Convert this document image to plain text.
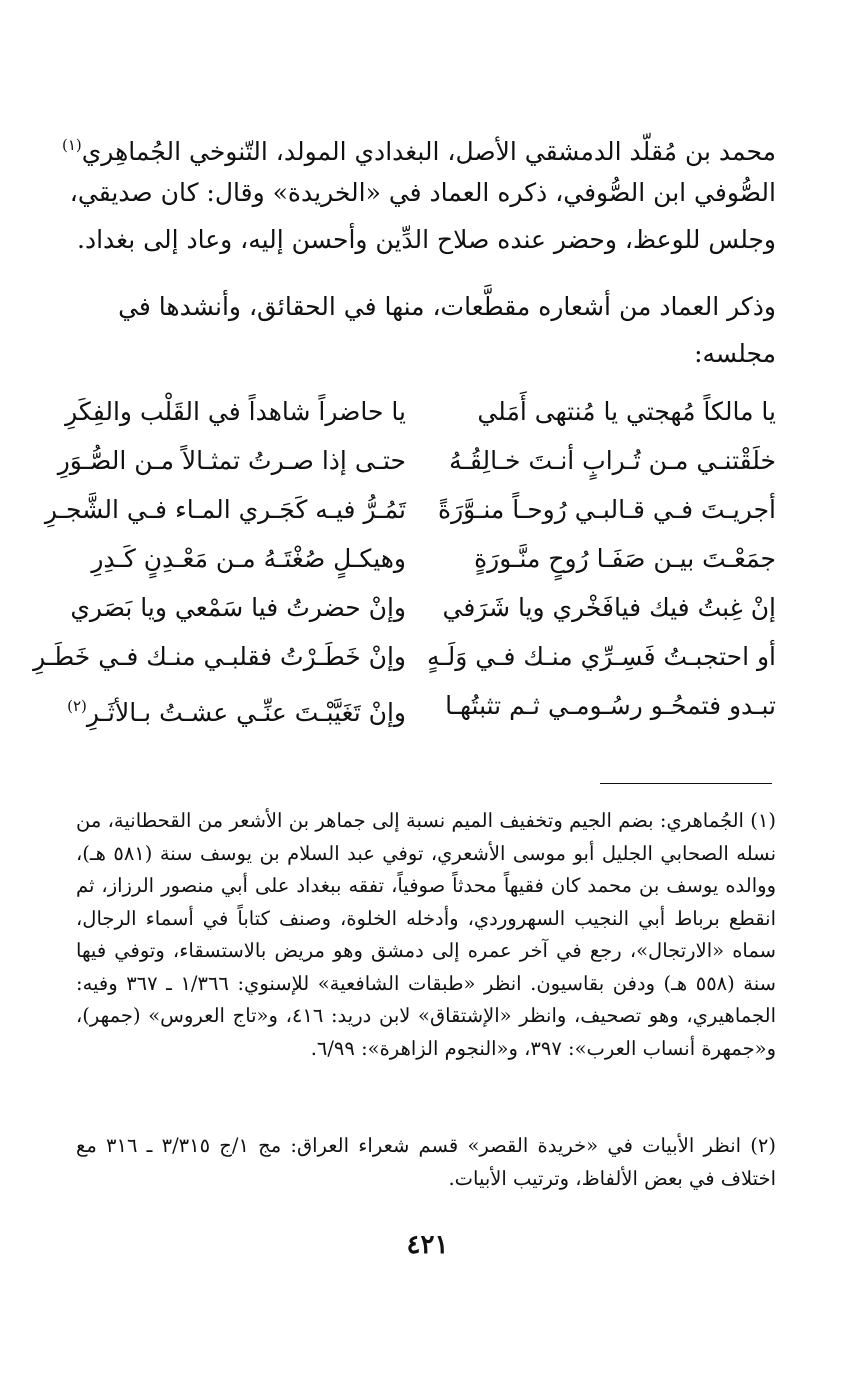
محمد بن مُقلّد الدمشقي الأصل، البغدادي المولد، التّنوخي الجُماهِري$^{(١)}$
الصُّوفي ابن الصُّوفي، ذكره العماد في «الخريدة» وقال: كان صديقي،
وجلس للوعظ، وحضر عنده صلاح الدِّين وأحسن إليه، وعاد إلى بغداد.
وذكر العماد من أشعاره مقطَّعات، منها في الحقائق، وأنشدها في
مجلسه:
يا مالكاً مُهجتي يا مُنتهى أَمَلي
يا حاضراً شاهداً في القَلْب والفِكَرِ
خلَقْتنـي مـن تُـرابٍ أنـتَ خـالِقُـهُ
حتـى إذا صـرتُ تمثـالاً مـن الصُّـوَرِ
أجريـتَ فـي قـالبـي رُوحـاً منـوَّرَةً
تَمُـرُّ فيـه كَجَـري المـاء فـي الشَّجـرِ
جمَعْـتَ بيـن صَفَـا رُوحٍ منَّـورَةٍ
وهيكـلٍ صُغْتَـهُ مـن مَعْـدِنٍ كَـدِرِ
إنْ غِبتُ فيك فيافَخْري ويا شَرَفي
وإنْ حضرتُ فيا سَمْعي ويا بَصَري
أو احتجبـتُ فَسِـرِّي منـك فـي وَلَـهٍ
وإنْ خَطَـرْتُ فقلبـي منـك فـي خَطَـرِ
تبـدو فتمحُـو رسُـومـي ثـم تثبتُهـا
وإنْ تَغَيَّبْـتَ عنِّـي عشـتُ بـالأثَـرِ$^{(٢)}$
(١) الجُماهري: بضم الجيم وتخفيف الميم نسبة إلى جماهر بن الأشعر من القحطانية، من نسله الصحابي الجليل أبو موسى الأشعري، توفي عبد السلام بن يوسف سنة (٥٨١ هـ)، ووالده يوسف بن محمد كان فقيهاً محدثاً صوفياً، تفقه ببغداد على أبي منصور الرزاز، ثم انقطع برباط أبي النجيب السهروردي، وأدخله الخلوة، وصنف كتاباً في أسماء الرجال، سماه «الارتجال»، رجع في آخر عمره إلى دمشق وهو مريض بالاستسقاء، وتوفي فيها سنة (٥٥٨ هـ) ودفن بقاسيون. انظر «طبقات الشافعية» للإسنوي: ١/٣٦٦ ـ ٣٦٧ وفيه: الجماهيري، وهو تصحيف، وانظر «الإشتقاق» لابن دريد: ٤١٦، و«تاج العروس» (جمهر)، و«جمهرة أنساب العرب»: ٣٩٧، و«النجوم الزاهرة»: ٦/٩٩.
(٢) انظر الأبيات في «خريدة القصر» قسم شعراء العراق: مج ١/ج ٣/٣١٥ ـ ٣١٦ مع اختلاف في بعض الألفاظ، وترتيب الأبيات.
٤٢١
